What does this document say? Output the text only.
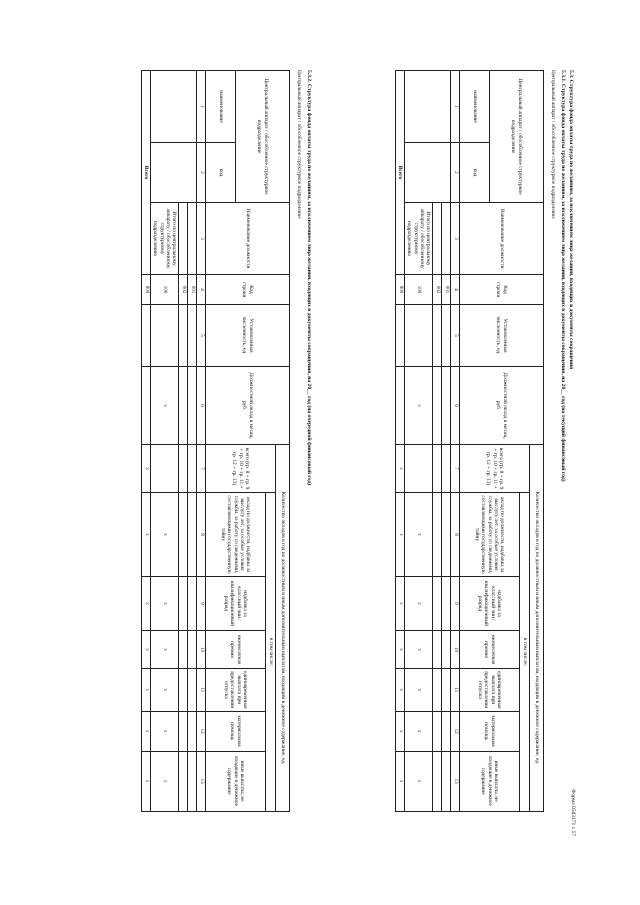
Форма 0503171 с.17
5.3. Структура фонда оплаты труда по желаниям, за исключением лица желании, входящих в документы сокращения
5.3.1. Структура фонда оплаты труда по желаниям, за исключением лица желании, входящих в документы сокращения, на 20__ год (на текущий финансовый год)
Центральный аппарат / обособленное структурное подразделение
Центральный аппарат / обособленное структурное подразделение		Наименование должности	Код строки	Установленная численность, ед.	Должностной оклад в месяц, руб.	Количество окладов в год по должностным и иным дополнительным выплатам, входящим в денежное содержание, ед.						
						всего (гр. 8 + гр. 9 + гр. 10 + гр. 11 + гр. 12 + гр. 13)	в том числе:					
							оклад по должности, надбавка за выслугу лет, за особые условия службы, за работу со сведениями, составляющими государственную тайну	надбавка за классный чин / квалификационный разряд	ежемесячная премия	единовременная выплата при предоставлении отпуска	материальная помощь	иные выплаты, не входящие в денежное содержание
наименование	код											
1	2	3	4	5	6	7	8	9	10	11	12	13
			001									
			002									
		Итого по центральному аппарату / обособленному структурному подразделению	100		x		x	x	x	x	x	x
Всего			900			x	x	x	x	x	x	x
5.3.2. Структура фонда оплаты труда по желаниям, за исключением лица желании, входящих в документы сокращения, на 20__ год (на очередной финансовый год)
Центральный аппарат / обособленное структурное подразделение
Центральный аппарат / обособленное структурное подразделение		Наименование должности	Код строки	Установленная численность, ед.	Должностной оклад в месяц, руб.	Количество окладов в год по должностным и иным дополнительным выплатам, входящим в денежное содержание, ед.						
						всего (гр. 8 + гр. 9 + гр. 10 + гр. 11 + гр. 12 + гр. 13)	в том числе:					
							оклад по должности, надбавка за выслугу лет, за особые условия службы, за работу со сведениями, составляющими государственную тайну	надбавка за классный чин / квалификационный разряд	ежемесячная премия	единовременная выплата при предоставлении отпуска	материальная помощь	иные выплаты, не входящие в денежное содержание
наименование	код											
1	2	3	4	5	6	7	8	9	10	11	12	13
			001									
			002									
		Итого по центральному аппарату / обособленному структурному подразделению	100		x		x	x	x	x	x	x
Всего			900			x	x	x	x	x	x	x
